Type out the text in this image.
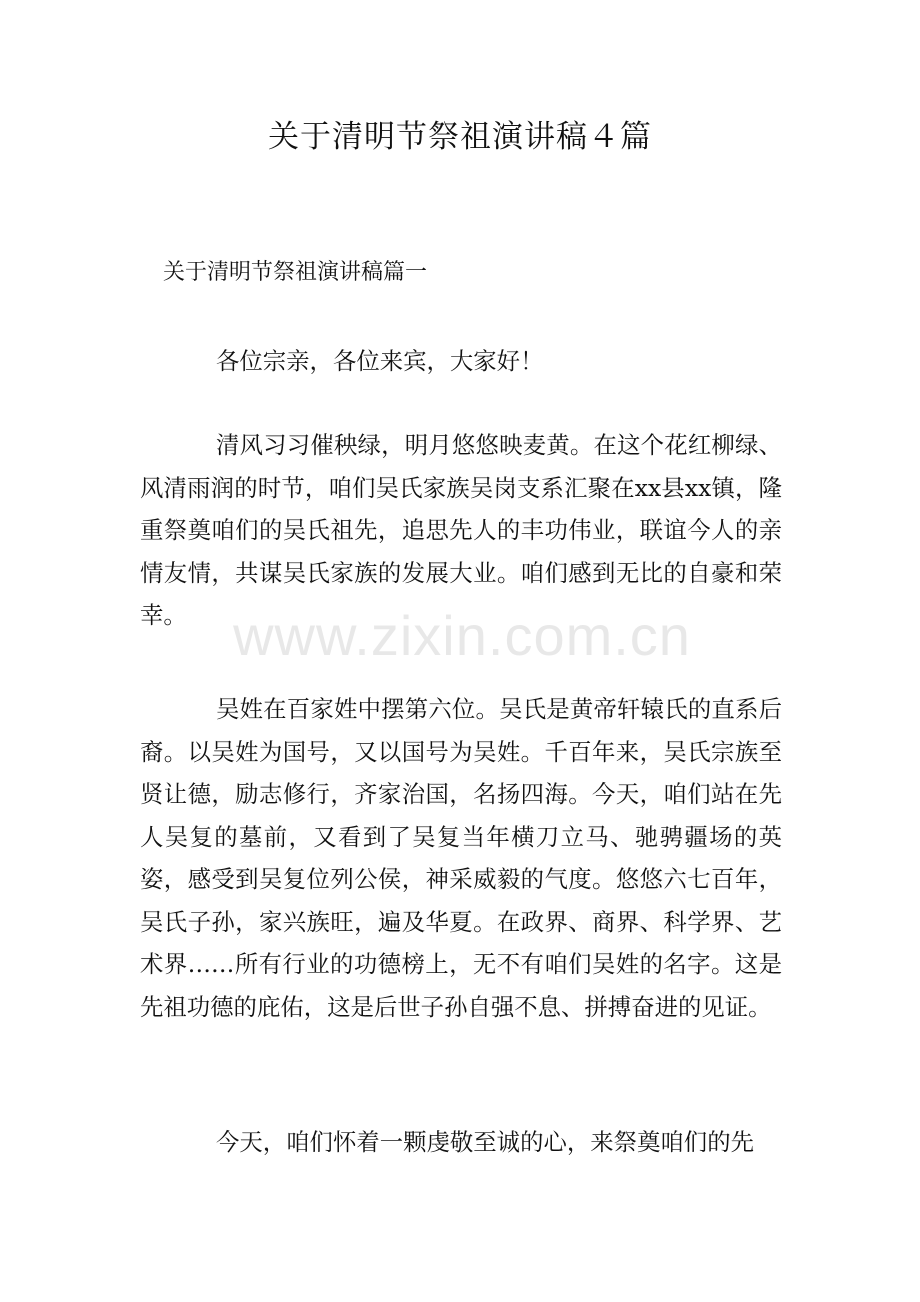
关于清明节祭祖演讲稿４篇
关于清明节祭祖演讲稿篇一

各位宗亲，各位来宾，大家好！

清风习习催秧绿，明月悠悠映麦黄。在这个花红柳绿、风清雨润的时节，咱们吴氏家族吴岗支系汇聚在xx县xx镇，隆重祭奠咱们的吴氏祖先，追思先人的丰功伟业，联谊今人的亲情友情，共谋吴氏家族的发展大业。咱们感到无比的自豪和荣幸。

吴姓在百家姓中摆第六位。吴氏是黄帝轩辕氏的直系后裔。以吴姓为国号，又以国号为吴姓。千百年来，吴氏宗族至贤让德，励志修行，齐家治国，名扬四海。今天，咱们站在先人吴复的墓前，又看到了吴复当年横刀立马、驰骋疆场的英姿，感受到吴复位列公侯，神采威毅的气度。悠悠六七百年，吴氏子孙，家兴族旺，遍及华夏。在政界、商界、科学界、艺术界……所有行业的功德榜上，无不有咱们吴姓的名字。这是先祖功德的庇佑，这是后世子孙自强不息、拼搏奋进的见证。

今天，咱们怀着一颗虔敬至诚的心，来祭奠咱们的先

www.zixin.com.cn
